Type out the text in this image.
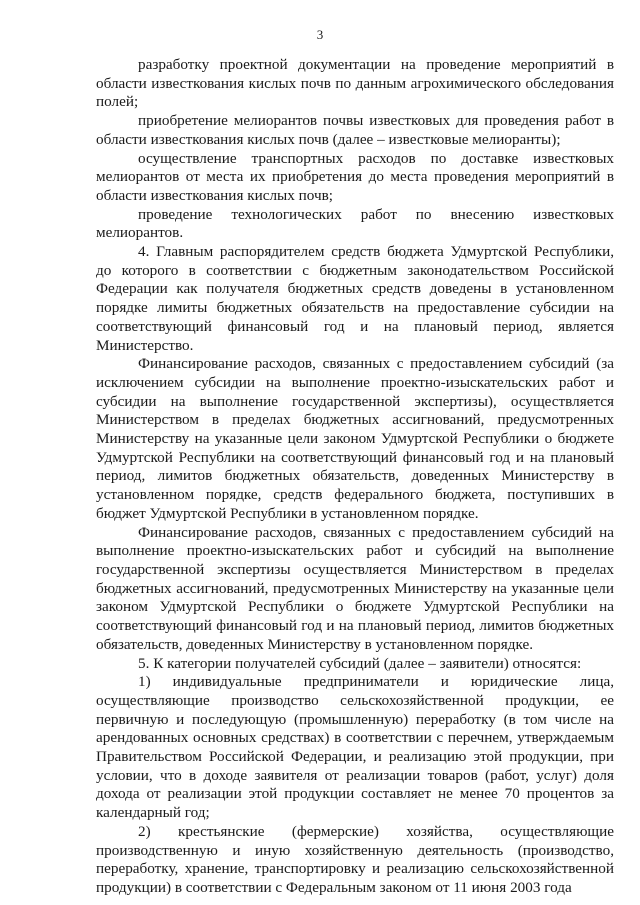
3

разработку проектной документации на проведение мероприятий в области известкования кислых почв по данным агрохимического обследования полей;

приобретение мелиорантов почвы известковых для проведения работ в области известкования кислых почв (далее – известковые мелиоранты);

осуществление транспортных расходов по доставке известковых мелиорантов от места их приобретения до места проведения мероприятий в области известкования кислых почв;

проведение технологических работ по внесению известковых мелиорантов.

4. Главным распорядителем средств бюджета Удмуртской Республики, до которого в соответствии с бюджетным законодательством Российской Федерации как получателя бюджетных средств доведены в установленном порядке лимиты бюджетных обязательств на предоставление субсидии на соответствующий финансовый год и на плановый период, является Министерство.

Финансирование расходов, связанных с предоставлением субсидий (за исключением субсидии на выполнение проектно-изыскательских работ и субсидии на выполнение государственной экспертизы), осуществляется Министерством в пределах бюджетных ассигнований, предусмотренных Министерству на указанные цели законом Удмуртской Республики о бюджете Удмуртской Республики на соответствующий финансовый год и на плановый период, лимитов бюджетных обязательств, доведенных Министерству в установленном порядке, средств федерального бюджета, поступивших в бюджет Удмуртской Республики в установленном порядке.

Финансирование расходов, связанных с предоставлением субсидий на выполнение проектно-изыскательских работ и субсидий на выполнение государственной экспертизы осуществляется Министерством в пределах бюджетных ассигнований, предусмотренных Министерству на указанные цели законом Удмуртской Республики о бюджете Удмуртской Республики на соответствующий финансовый год и на плановый период, лимитов бюджетных обязательств, доведенных Министерству в установленном порядке.

5. К категории получателей субсидий (далее – заявители) относятся:

1) индивидуальные предприниматели и юридические лица, осуществляющие производство сельскохозяйственной продукции, ее первичную и последующую (промышленную) переработку (в том числе на арендованных основных средствах) в соответствии с перечнем, утверждаемым Правительством Российской Федерации, и реализацию этой продукции, при условии, что в доходе заявителя от реализации товаров (работ, услуг) доля дохода от реализации этой продукции составляет не менее 70 процентов за календарный год;

2) крестьянские (фермерские) хозяйства, осуществляющие производственную и иную хозяйственную деятельность (производство, переработку, хранение, транспортировку и реализацию сельскохозяйственной продукции) в соответствии с Федеральным законом от 11 июня 2003 года
